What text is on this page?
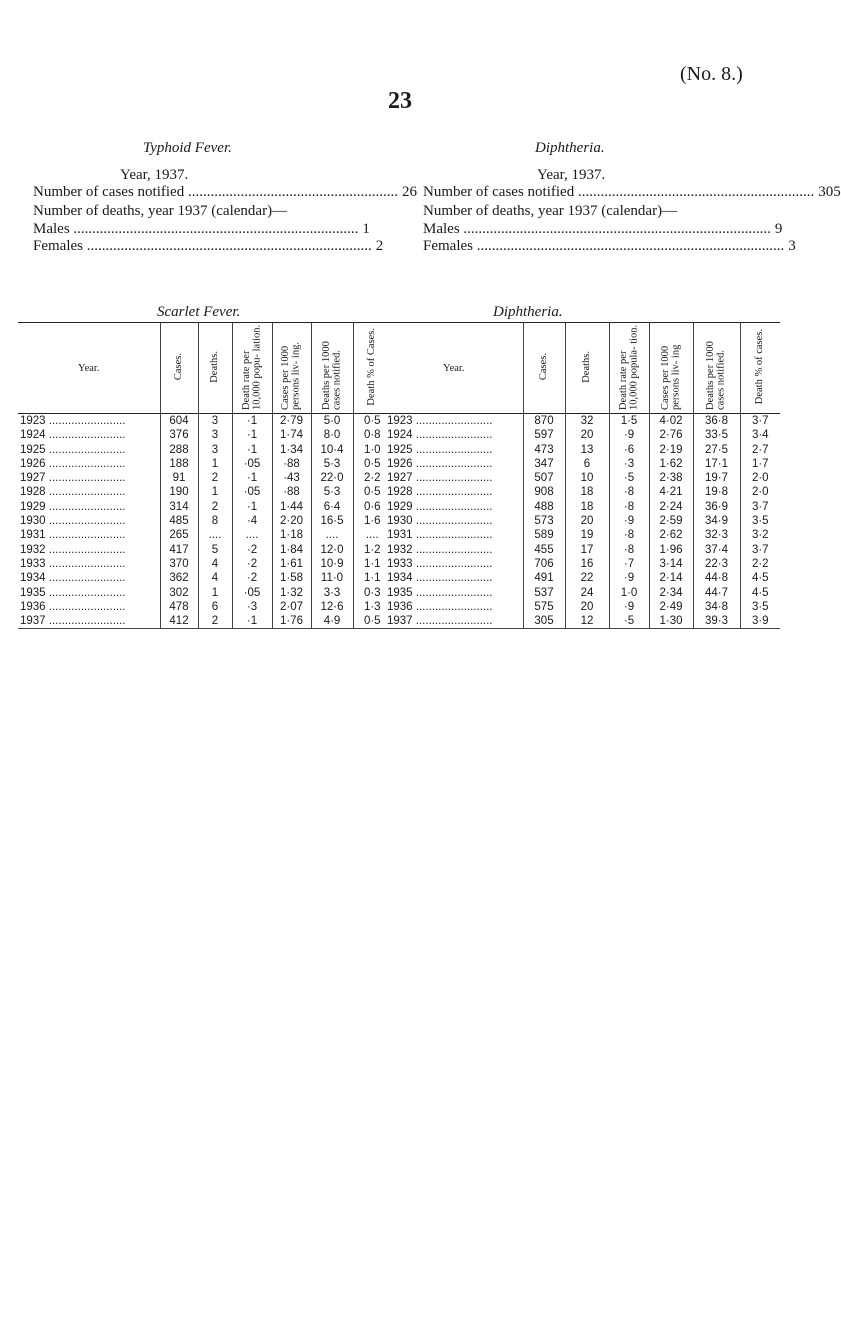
(No. 8.)
23
Typhoid Fever.
Year, 1937.
Number of cases notified ........................................................ 26
Number of deaths, year 1937 (calendar)—
Males ............................................................................ 1
Females ............................................................................ 2
Diphtheria.
Year, 1937.
Number of cases notified ............................................................... 305
Number of deaths, year 1937 (calendar)—
Males .................................................................................. 9
Females .................................................................................. 3
Scarlet Fever.	Diphtheria.
Year.	Cases.	Deaths.	Death rate per 10,000 popu- lation.	Cases per 1000 persons liv- ing.	Deaths per 1000 cases notified.	Death % of Cases.
1923 ........................	604	3	·1	2·79	5·0	0·5
1924 ........................	376	3	·1	1·74	8·0	0·8
1925 ........................	288	3	·1	1·34	10·4	1·0
1926 ........................	188	1	·05	·88	5·3	0·5
1927 ........................	91	2	·1	·43	22·0	2·2
1928 ........................	190	1	·05	·88	5·3	0·5
1929 ........................	314	2	·1	1·44	6·4	0·6
1930 ........................	485	8	·4	2·20	16·5	1·6
1931 ........................	265	....	....	1·18	....	....
1932 ........................	417	5	·2	1·84	12·0	1·2
1933 ........................	370	4	·2	1·61	10·9	1·1
1934 ........................	362	4	·2	1·58	11·0	1·1
1935 ........................	302	1	·05	1·32	3·3	0·3
1936 ........................	478	6	·3	2·07	12·6	1·3
1937 ........................	412	2	·1	1·76	4·9	0·5
Year.	Cases.	Deaths.	Death rate per 10,000 popula- tion.	Cases per 1000 persons liv- ing	Deaths per 1000 cases notified.	Death % of cases.
1923 ........................	870	32	1·5	4·02	36·8	3·7
1924 ........................	597	20	·9	2·76	33·5	3·4
1925 ........................	473	13	·6	2·19	27·5	2·7
1926 ........................	347	6	·3	1·62	17·1	1·7
1927 ........................	507	10	·5	2·38	19·7	2·0
1928 ........................	908	18	·8	4·21	19·8	2·0
1929 ........................	488	18	·8	2·24	36·9	3·7
1930 ........................	573	20	·9	2·59	34·9	3·5
1931 ........................	589	19	·8	2·62	32·3	3·2
1932 ........................	455	17	·8	1·96	37·4	3·7
1933 ........................	706	16	·7	3·14	22·3	2·2
1934 ........................	491	22	·9	2·14	44·8	4·5
1935 ........................	537	24	1·0	2·34	44·7	4·5
1936 ........................	575	20	·9	2·49	34·8	3·5
1937 ........................	305	12	·5	1·30	39·3	3·9
